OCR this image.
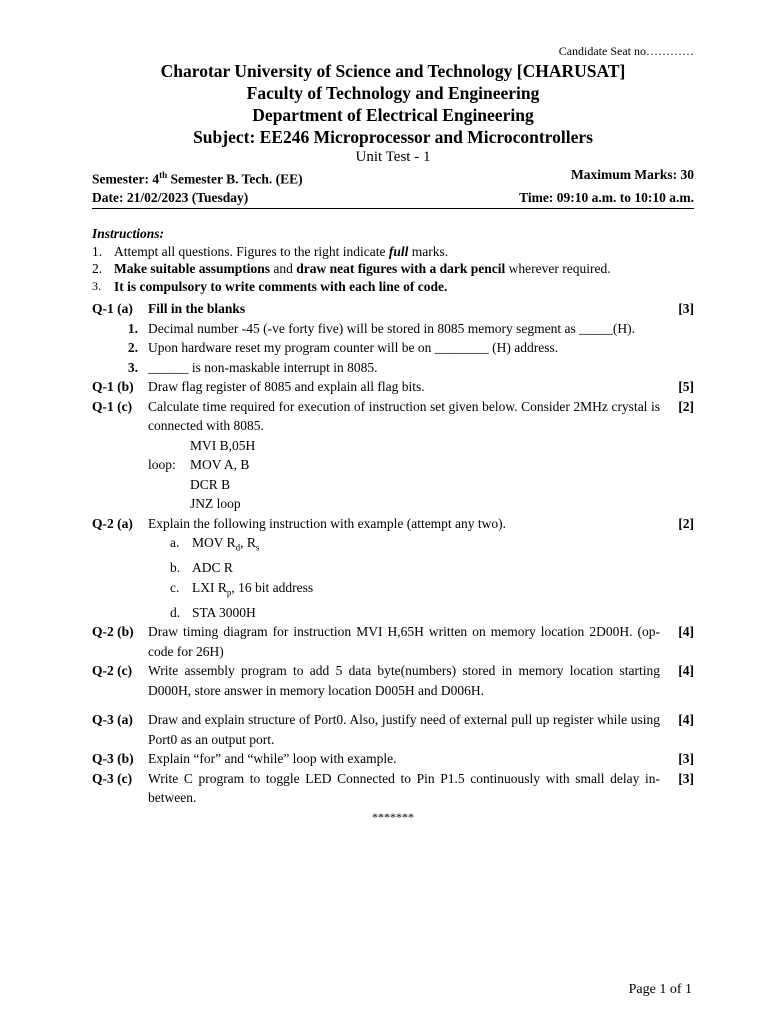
Candidate Seat no…………
Charotar University of Science and Technology [CHARUSAT]
Faculty of Technology and Engineering
Department of Electrical Engineering
Subject: EE246 Microprocessor and Microcontrollers
Unit Test - 1
Semester: 4th Semester B. Tech. (EE)	Maximum Marks: 30
Date: 21/02/2023 (Tuesday)	Time: 09:10 a.m. to 10:10 a.m.
Instructions:
1. Attempt all questions. Figures to the right indicate full marks.
2. Make suitable assumptions and draw neat figures with a dark pencil wherever required.
3. It is compulsory to write comments with each line of code.
Q-1 (a)	Fill in the blanks	[3]
1. Decimal number -45 (-ve forty five) will be stored in 8085 memory segment as _____(H).
2. Upon hardware reset my program counter will be on ________ (H) address.
3. ______ is non-maskable interrupt in 8085.
Q-1 (b)	Draw flag register of 8085 and explain all flag bits.	[5]
Q-1 (c)	Calculate time required for execution of instruction set given below. Consider 2MHz crystal is connected with 8085.
[2]
MVI B,05H
loop:	MOV A, B
DCR B
JNZ loop
Q-2 (a)	Explain the following instruction with example (attempt any two).	[2]
a. MOV $R_d$, $R_s$
b. ADC R
c. LXI $R_p$, 16 bit address
d. STA 3000H
Q-2 (b)	Draw timing diagram for instruction MVI H,65H written on memory location 2D00H. (op-code for 26H)
[4]
Q-2 (c)	Write assembly program to add 5 data byte(numbers) stored in memory location starting D000H, store answer in memory location D005H and D006H.
[4]
Q-3 (a)	Draw and explain structure of Port0. Also, justify need of external pull up register while using Port0 as an output port.
[4]
Q-3 (b)	Explain “for” and “while” loop with example.	[3]
Q-3 (c)	Write C program to toggle LED Connected to Pin P1.5 continuously with small delay in-between.
[3]
*******
Page 1 of 1
